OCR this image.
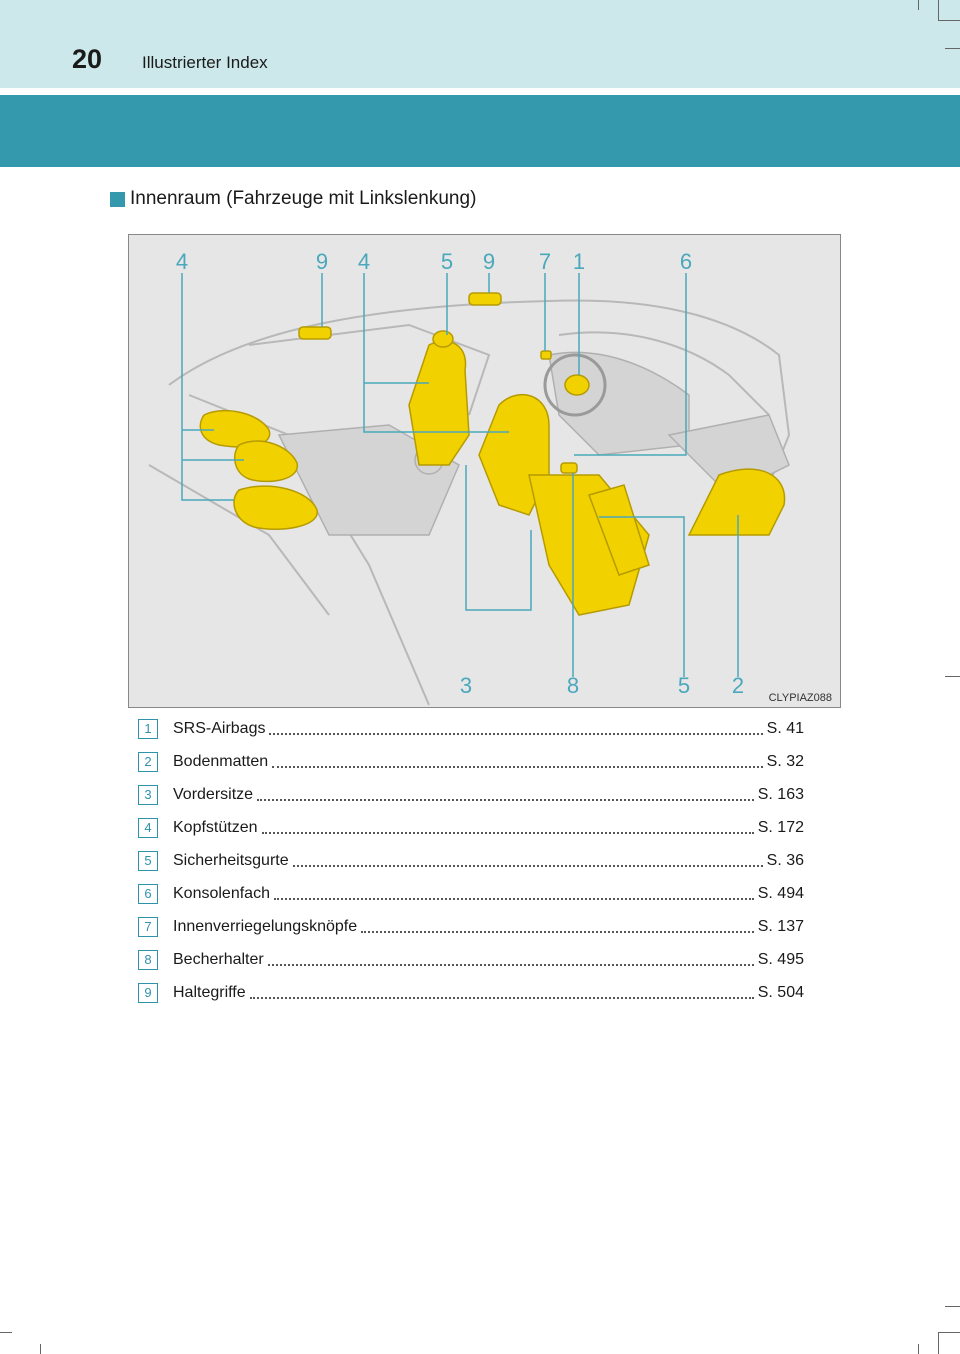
20 Illustrierter Index
Innenraum (Fahrzeuge mit Linkslenkung)
4	9 4	5 9 7 1	6
3	8	5 2 CLYPIAZ088
1	SRS-Airbags	S. 41
2	Bodenmatten	S. 32
3	Vordersitze	S. 163
4	Kopfstützen	S. 172
5	Sicherheitsgurte	S. 36
6	Konsolenfach	S. 494
7	Innenverriegelungsknöpfe	S. 137
8	Becherhalter	S. 495
9	Haltegriffe	S. 504
